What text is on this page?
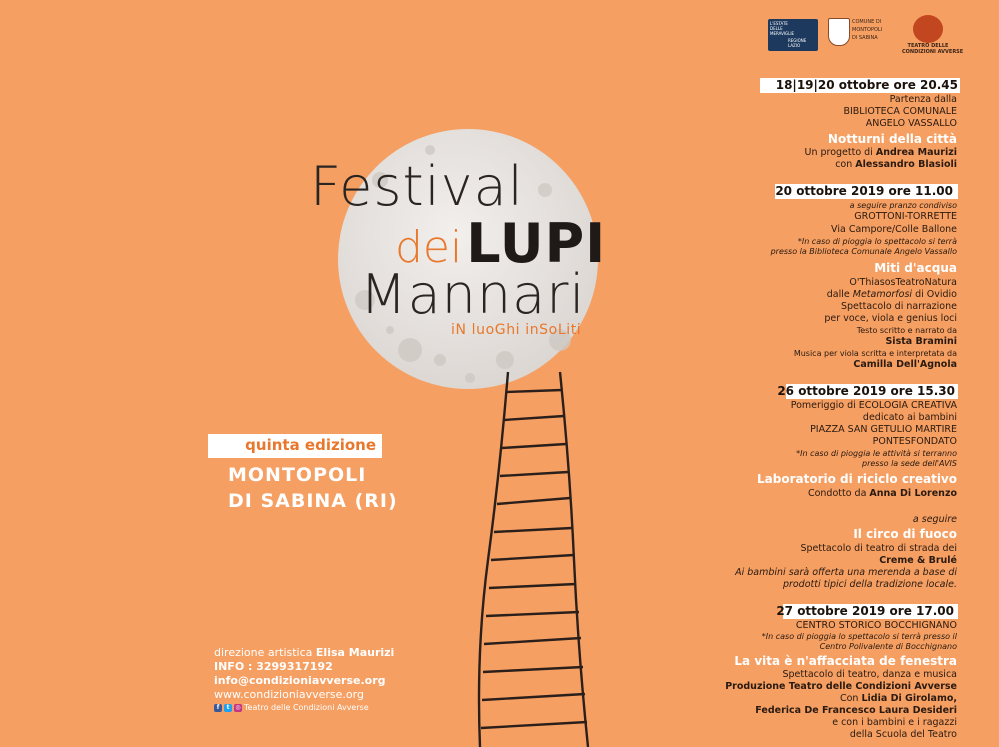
Festival
deiLUPI
Mannari
iN luoGhi inSoLiti
quinta edizione
MONTOPOLI
DI SABINA (RI)
direzione artistica Elisa Maurizi
INFO : 3299317192
info@condizioniavverse.org
www.condizioniavverse.org
f	t ◎ Teatro delle Condizioni Avverse
L'ESTATE
DELLE
MERAVIGLIE
REGIONE
LAZIO
COMUNE DI
MONTOPOLI
DI SABINA
TEATRO DELLE
CONDIZIONI AVVERSE
18|19|20 ottobre ore 20.45
Partenza dalla
BIBLIOTECA COMUNALE
ANGELO VASSALLO
Notturni della città
Un progetto di Andrea Maurizi
con Alessandro Blasioli
20 ottobre 2019 ore 11.00
a seguire pranzo condiviso
GROTTONI-TORRETTE
Via Campore/Colle Ballone
*In caso di pioggia lo spettacolo si terrà
presso la Biblioteca Comunale Angelo Vassallo
Miti d'acqua
O'ThiasosTeatroNatura
dalle Metamorfosi di Ovidio
Spettacolo di narrazione
per voce, viola e genius loci
Testo scritto e narrato da
Sista Bramini
Musica per viola scritta e interpretata da
Camilla Dell'Agnola
26 ottobre 2019 ore 15.30
Pomeriggio di ECOLOGIA CREATIVA
dedicato ai bambini
PIAZZA SAN GETULIO MARTIRE
PONTESFONDATO
*In caso di pioggia le attività si terranno
presso la sede dell'AVIS
Laboratorio di riciclo creativo
Condotto da Anna Di Lorenzo
a seguire
Il circo di fuoco
Spettacolo di teatro di strada dei
Creme & Brulé
Ai bambini sarà offerta una merenda a base di
prodotti tipici della tradizione locale.
27 ottobre 2019 ore 17.00
CENTRO STORICO BOCCHIGNANO
*In caso di pioggia lo spettacolo si terrà presso il
Centro Polivalente di Bocchignano
La vita è n'affacciata de fenestra
Spettacolo di teatro, danza e musica
Produzione Teatro delle Condizioni Avverse
Con Lidia Di Girolamo,
Federica De Francesco Laura Desideri
e con i bambini e i ragazzi
della Scuola del Teatro
